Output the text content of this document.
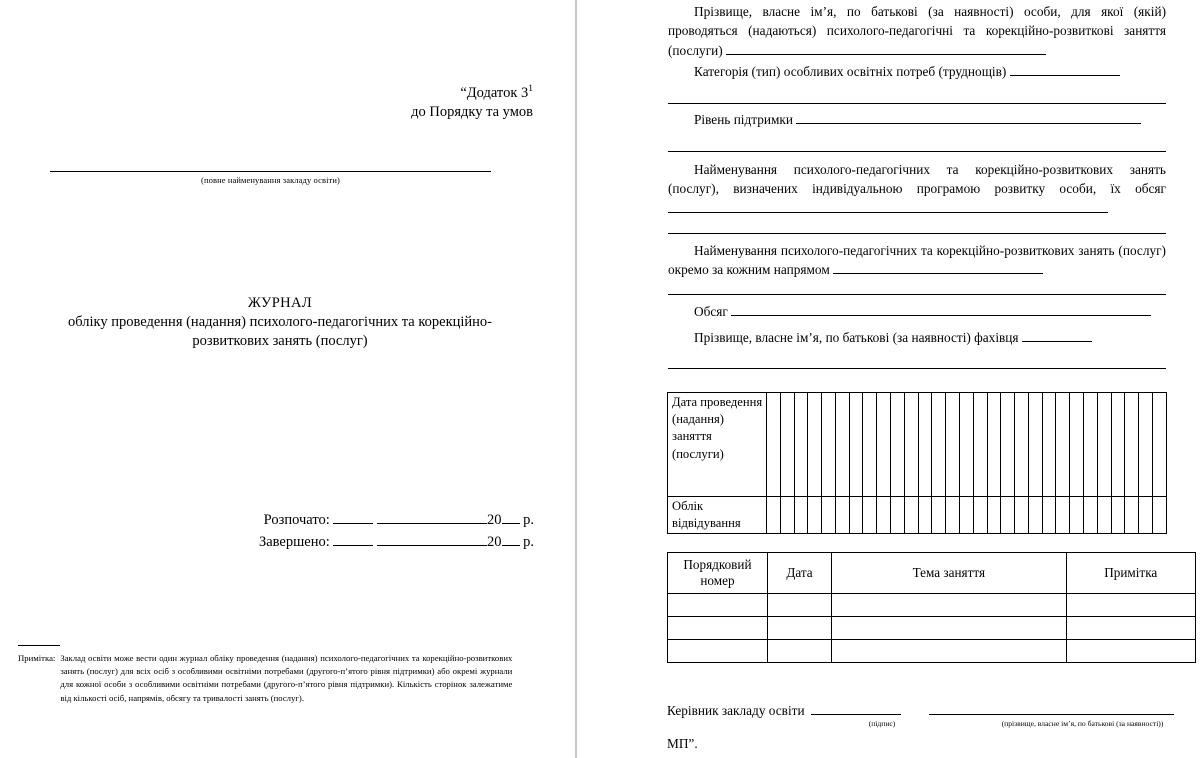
“Додаток $3^1$
до Порядку та умов
(повне найменування закладу освіти)
ЖУРНАЛ
обліку проведення (надання) психолого-педагогічних та корекційно-
розвиткових занять (послуг)
Розпочато:	20 р.
Завершено:	20 р.
Примітка: Заклад освіти може вести один журнал обліку проведення (надання) психолого-педагогічних та корекційно-розвиткових занять (послуг) для всіх осіб з особливими освітніми потребами (другого-п’ятого рівня підтримки) або окремі журнали для кожної особи з особливими освітніми потребами (другого-п’ятого рівня підтримки). Кількість сторінок залежатиме від кількості осіб, напрямів, обсягу та тривалості занять (послуг).
Прізвище, власне імʼя, по батькові (за наявності) особи, для якої (якій) проводяться (надаються) психолого-педагогічні та корекційно-розвиткові заняття (послуги)
Категорія (тип) особливих освітніх потреб (труднощів)
Рівень підтримки
Найменування психолого-педагогічних та корекційно-розвиткових занять (послуг), визначених індивідуальною програмою розвитку особи, їх обсяг
Найменування психолого-педагогічних та корекційно-розвиткових занять (послуг) окремо за кожним напрямом
Обсяг
Прізвище, власне імʼя, по батькові (за наявності) фахівця
Дата проведення (надання) заняття (послуги)																													
Облік відвідування																													
Порядковий номер	Дата	Тема заняття	Примітка

Керівник закладу освіти
(підпис)	(прізвище, власне імʼя, по батькові (за наявності))
МП”.
